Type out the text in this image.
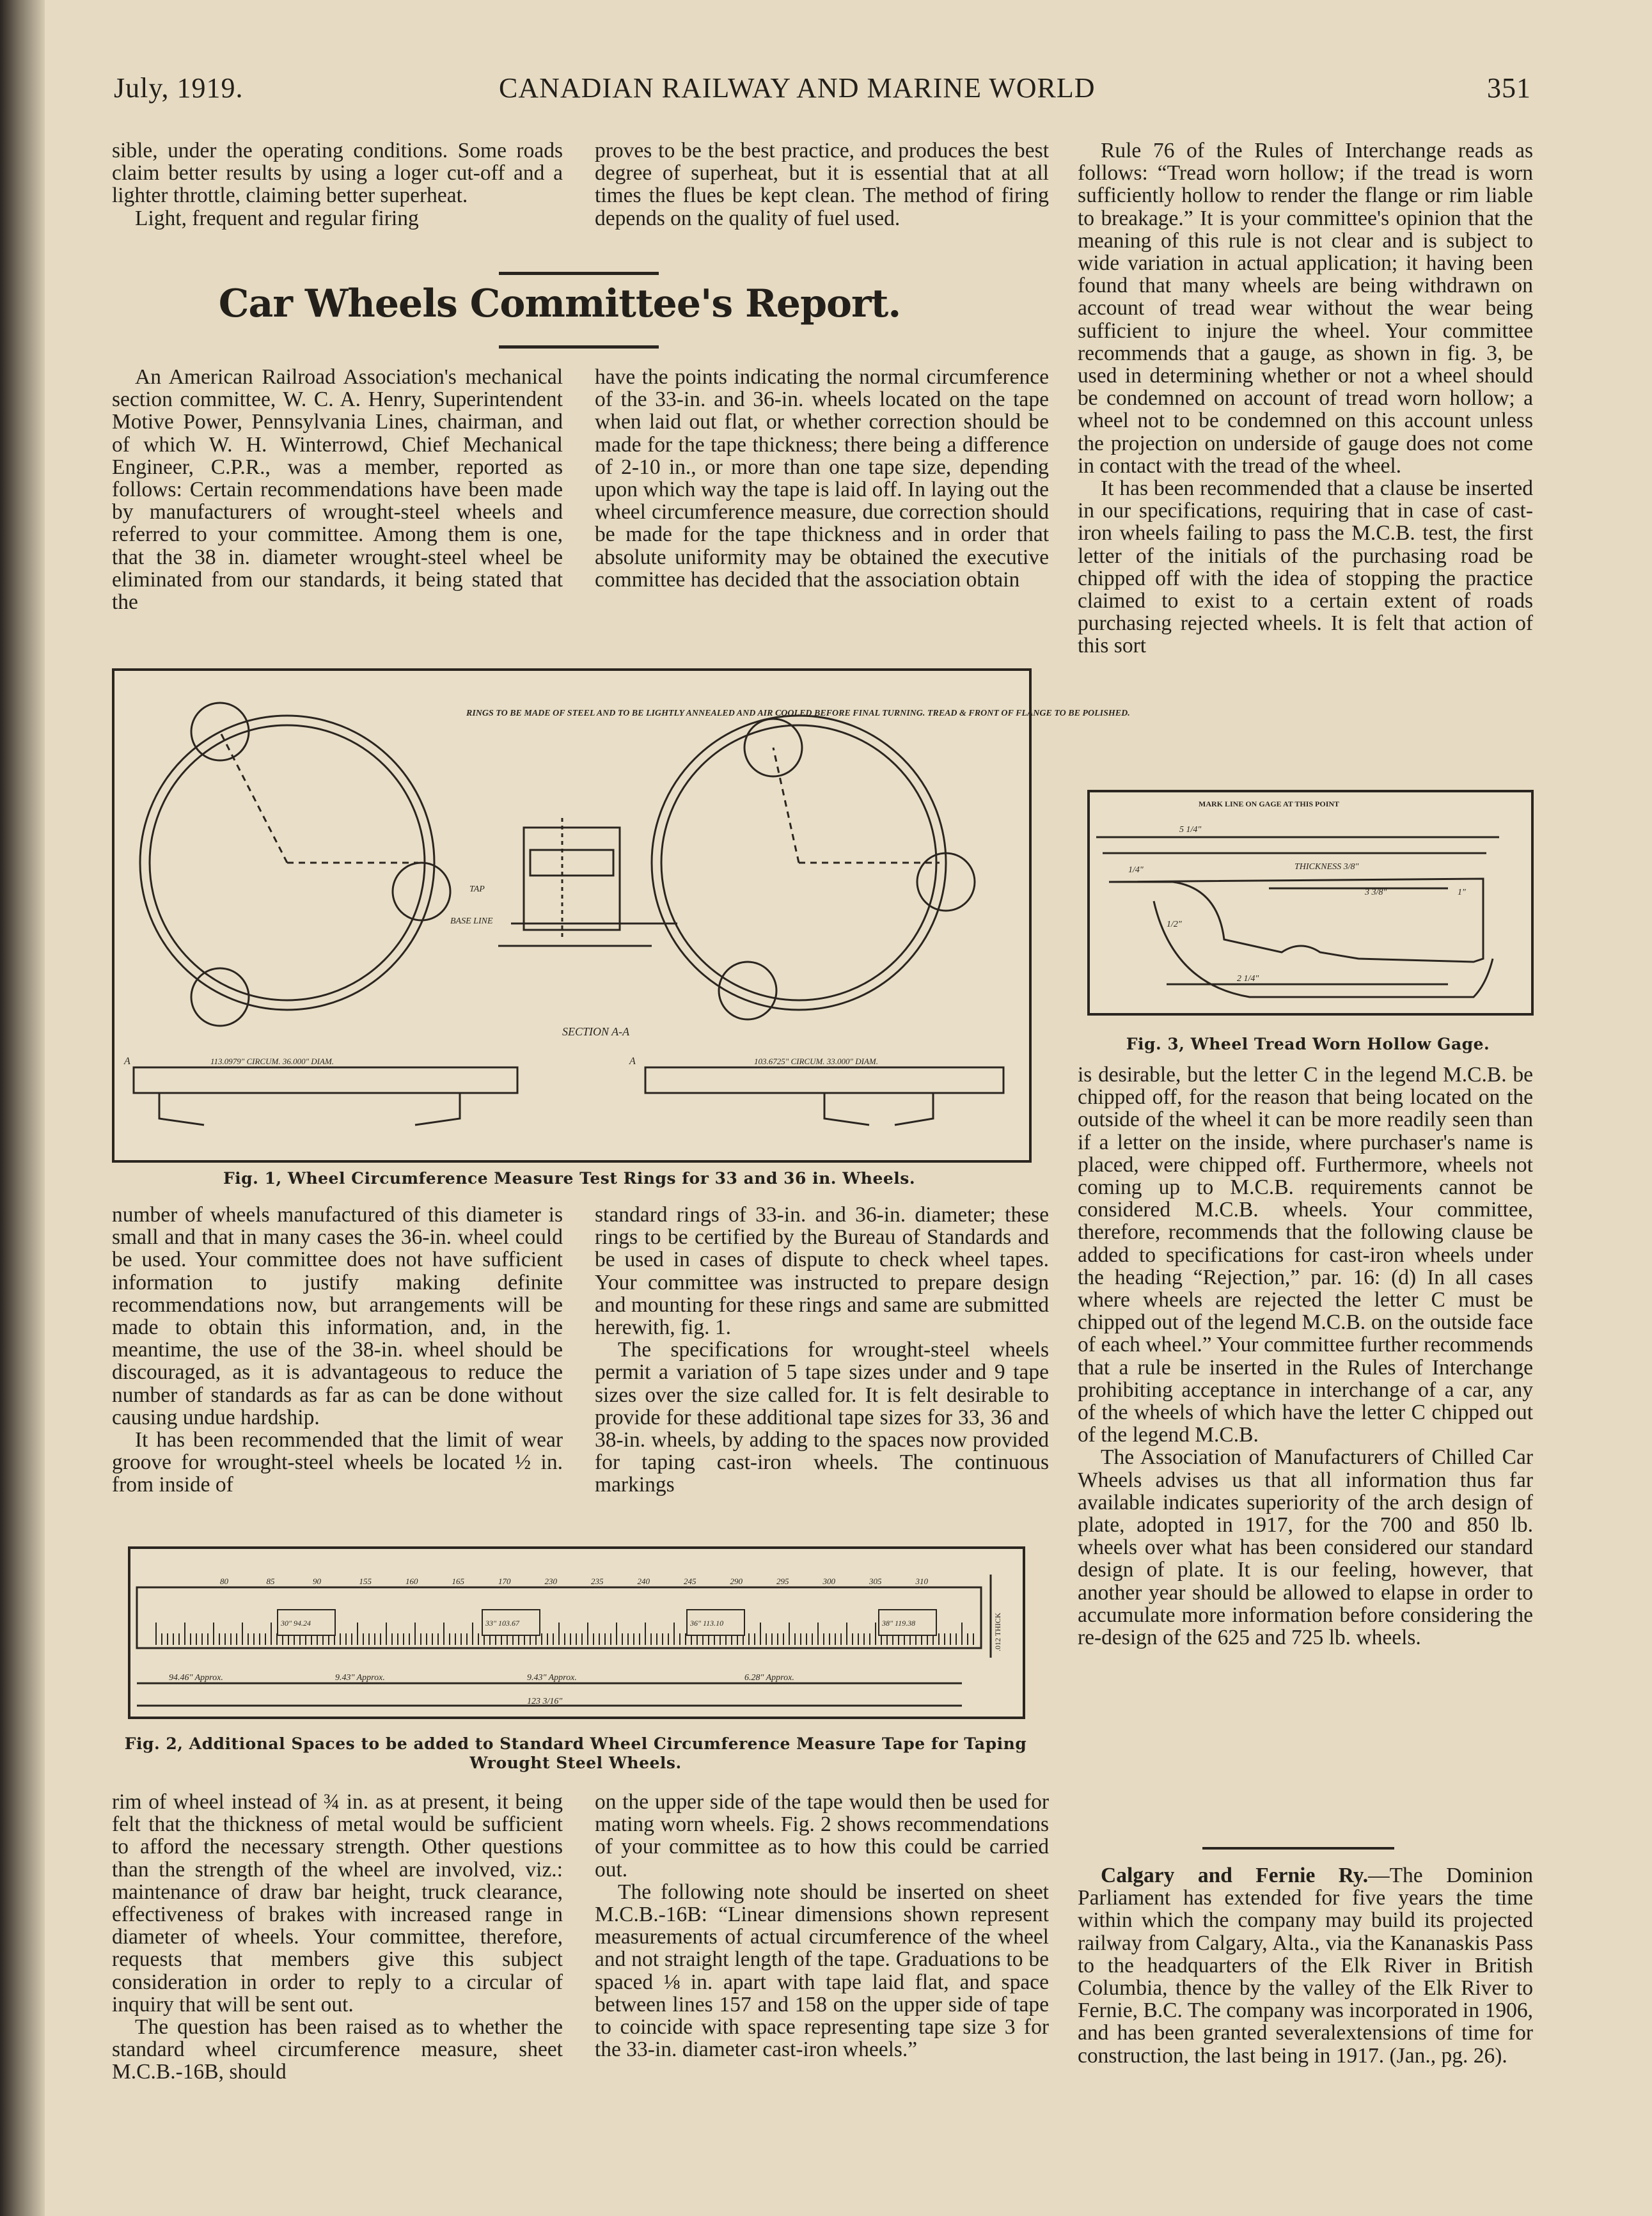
July, 1919.	CANADIAN RAILWAY AND MARINE WORLD	351

sible, under the operating conditions. Some roads claim better results by using a loger cut-off and a lighter throttle, claiming better superheat.

Light, frequent and regular firing

proves to be the best practice, and produces the best degree of superheat, but it is essential that at all times the flues be kept clean. The method of firing depends on the quality of fuel used.

Car Wheels Committee's Report.

An American Railroad Association's mechanical section committee, W. C. A. Henry, Superintendent Motive Power, Pennsylvania Lines, chairman, and of which W. H. Winterrowd, Chief Mechanical Engineer, C.P.R., was a member, reported as follows: Certain recommendations have been made by manufacturers of wrought-steel wheels and referred to your committee. Among them is one, that the 38 in. diameter wrought-steel wheel be eliminated from our standards, it being stated that the

have the points indicating the normal circumference of the 33-in. and 36-in. wheels located on the tape when laid out flat, or whether correction should be made for the tape thickness; there being a difference of 2-10 in., or more than one tape size, depending upon which way the tape is laid off. In laying out the wheel circumference measure, due correction should be made for the tape thickness and in order that absolute uniformity may be obtained the executive committee has decided that the association obtain

Rule 76 of the Rules of Interchange reads as follows: “Tread worn hollow; if the tread is worn sufficiently hollow to render the flange or rim liable to breakage.” It is your committee's opinion that the meaning of this rule is not clear and is subject to wide variation in actual application; it having been found that many wheels are being withdrawn on account of tread wear without the wear being sufficient to injure the wheel. Your committee recommends that a gauge, as shown in fig. 3, be used in determining whether or not a wheel should be condemned on account of tread worn hollow; a wheel not to be condemned on this account unless the projection on underside of gauge does not come in contact with the tread of the wheel.

It has been recommended that a clause be inserted in our specifications, requiring that in case of cast-iron wheels failing to pass the M.C.B. test, the first letter of the initials of the purchasing road be chipped off with the idea of stopping the practice claimed to exist to a certain extent of roads purchasing rejected wheels. It is felt that action of this sort

RINGS TO BE MADE OF STEEL AND TO BE LIGHTLY ANNEALED AND AIR COOLED BEFORE FINAL TURNING. TREAD & FRONT OF FLANGE TO BE POLISHED.
SECTION A-A
TAP
BASE LINE
113.0979" CIRCUM. 36.000" DIAM.	103.6725" CIRCUM. 33.000" DIAM.
A	A
Fig. 1, Wheel Circumference Measure Test Rings for 33 and 36 in. Wheels.
MARK LINE ON GAGE AT THIS POINT
THICKNESS 3/8"
5 1/4"
3 3/8"	1"
1/4"
1/2"
2 1/4"
Fig. 3, Wheel Tread Worn Hollow Gage.

is desirable, but the letter C in the legend M.C.B. be chipped off, for the reason that being located on the outside of the wheel it can be more readily seen than if a letter on the inside, where purchaser's name is placed, were chipped off. Furthermore, wheels not coming up to M.C.B. requirements cannot be considered M.C.B. wheels. Your committee, therefore, recommends that the following clause be added to specifications for cast-iron wheels under the heading “Rejection,” par. 16: (d) In all cases where wheels are rejected the letter C must be chipped out of the legend M.C.B. on the outside face of each wheel.” Your committee further recommends that a rule be inserted in the Rules of Interchange prohibiting acceptance in interchange of a car, any of the wheels of which have the letter C chipped out of the legend M.C.B.

The Association of Manufacturers of Chilled Car Wheels advises us that all information thus far available indicates superiority of the arch design of plate, adopted in 1917, for the 700 and 850 lb. wheels over what has been considered our standard design of plate. It is our feeling, however, that another year should be allowed to elapse in order to accumulate more information before considering the re-design of the 625 and 725 lb. wheels.

number of wheels manufactured of this diameter is small and that in many cases the 36-in. wheel could be used. Your committee does not have sufficient information to justify making definite recommendations now, but arrangements will be made to obtain this information, and, in the meantime, the use of the 38-in. wheel should be discouraged, as it is advantageous to reduce the number of standards as far as can be done without causing undue hardship.

It has been recommended that the limit of wear groove for wrought-steel wheels be located ½ in. from inside of

standard rings of 33-in. and 36-in. diameter; these rings to be certified by the Bureau of Standards and be used in cases of dispute to check wheel tapes. Your committee was instructed to prepare design and mounting for these rings and same are submitted herewith, fig. 1.

The specifications for wrought-steel wheels permit a variation of 5 tape sizes under and 9 tape sizes over the size called for. It is felt desirable to provide for these additional tape sizes for 33, 36 and 38-in. wheels, by adding to the spaces now provided for taping cast-iron wheels. The continuous markings

.012 THICK
94.46" Approx.	9.43" Approx.	9.43" Approx.	6.28" Approx.
123 3/16"
80	85	90	155	160	165	170	230	235	240	245	290	295	300	305	310
30" 94.24	33" 103.67	36" 113.10	38" 119.38
Fig. 2, Additional Spaces to be added to Standard Wheel Circumference Measure Tape for Taping Wrought Steel Wheels.

rim of wheel instead of ¾ in. as at present, it being felt that the thickness of metal would be sufficient to afford the necessary strength. Other questions than the strength of the wheel are involved, viz.: maintenance of draw bar height, truck clearance, effectiveness of brakes with increased range in diameter of wheels. Your committee, therefore, requests that members give this subject consideration in order to reply to a circular of inquiry that will be sent out.

The question has been raised as to whether the standard wheel circumference measure, sheet M.C.B.-16B, should

on the upper side of the tape would then be used for mating worn wheels. Fig. 2 shows recommendations of your committee as to how this could be carried out.

The following note should be inserted on sheet M.C.B.-16B: “Linear dimensions shown represent measurements of actual circumference of the wheel and not straight length of the tape. Graduations to be spaced ⅛ in. apart with tape laid flat, and space between lines 157 and 158 on the upper side of tape to coincide with space representing tape size 3 for the 33-in. diameter cast-iron wheels.”

Calgary and Fernie Ry.—The Dominion Parliament has extended for five years the time within which the company may build its projected railway from Calgary, Alta., via the Kananaskis Pass to the headquarters of the Elk River in British Columbia, thence by the valley of the Elk River to Fernie, B.C. The company was incorporated in 1906, and has been granted severalextensions of time for construction, the last being in 1917. (Jan., pg. 26).
